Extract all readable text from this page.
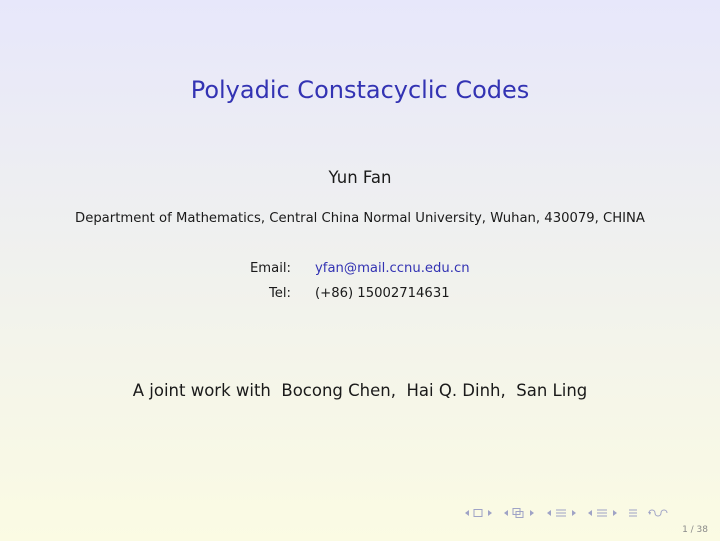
Polyadic Constacyclic Codes
Yun Fan
Department of Mathematics, Central China Normal University, Wuhan, 430079, CHINA
Email: yfan@mail.ccnu.edu.cn
Tel: (+86) 15002714631
A joint work with Bocong Chen, Hai Q. Dinh, San Ling
1 / 38
